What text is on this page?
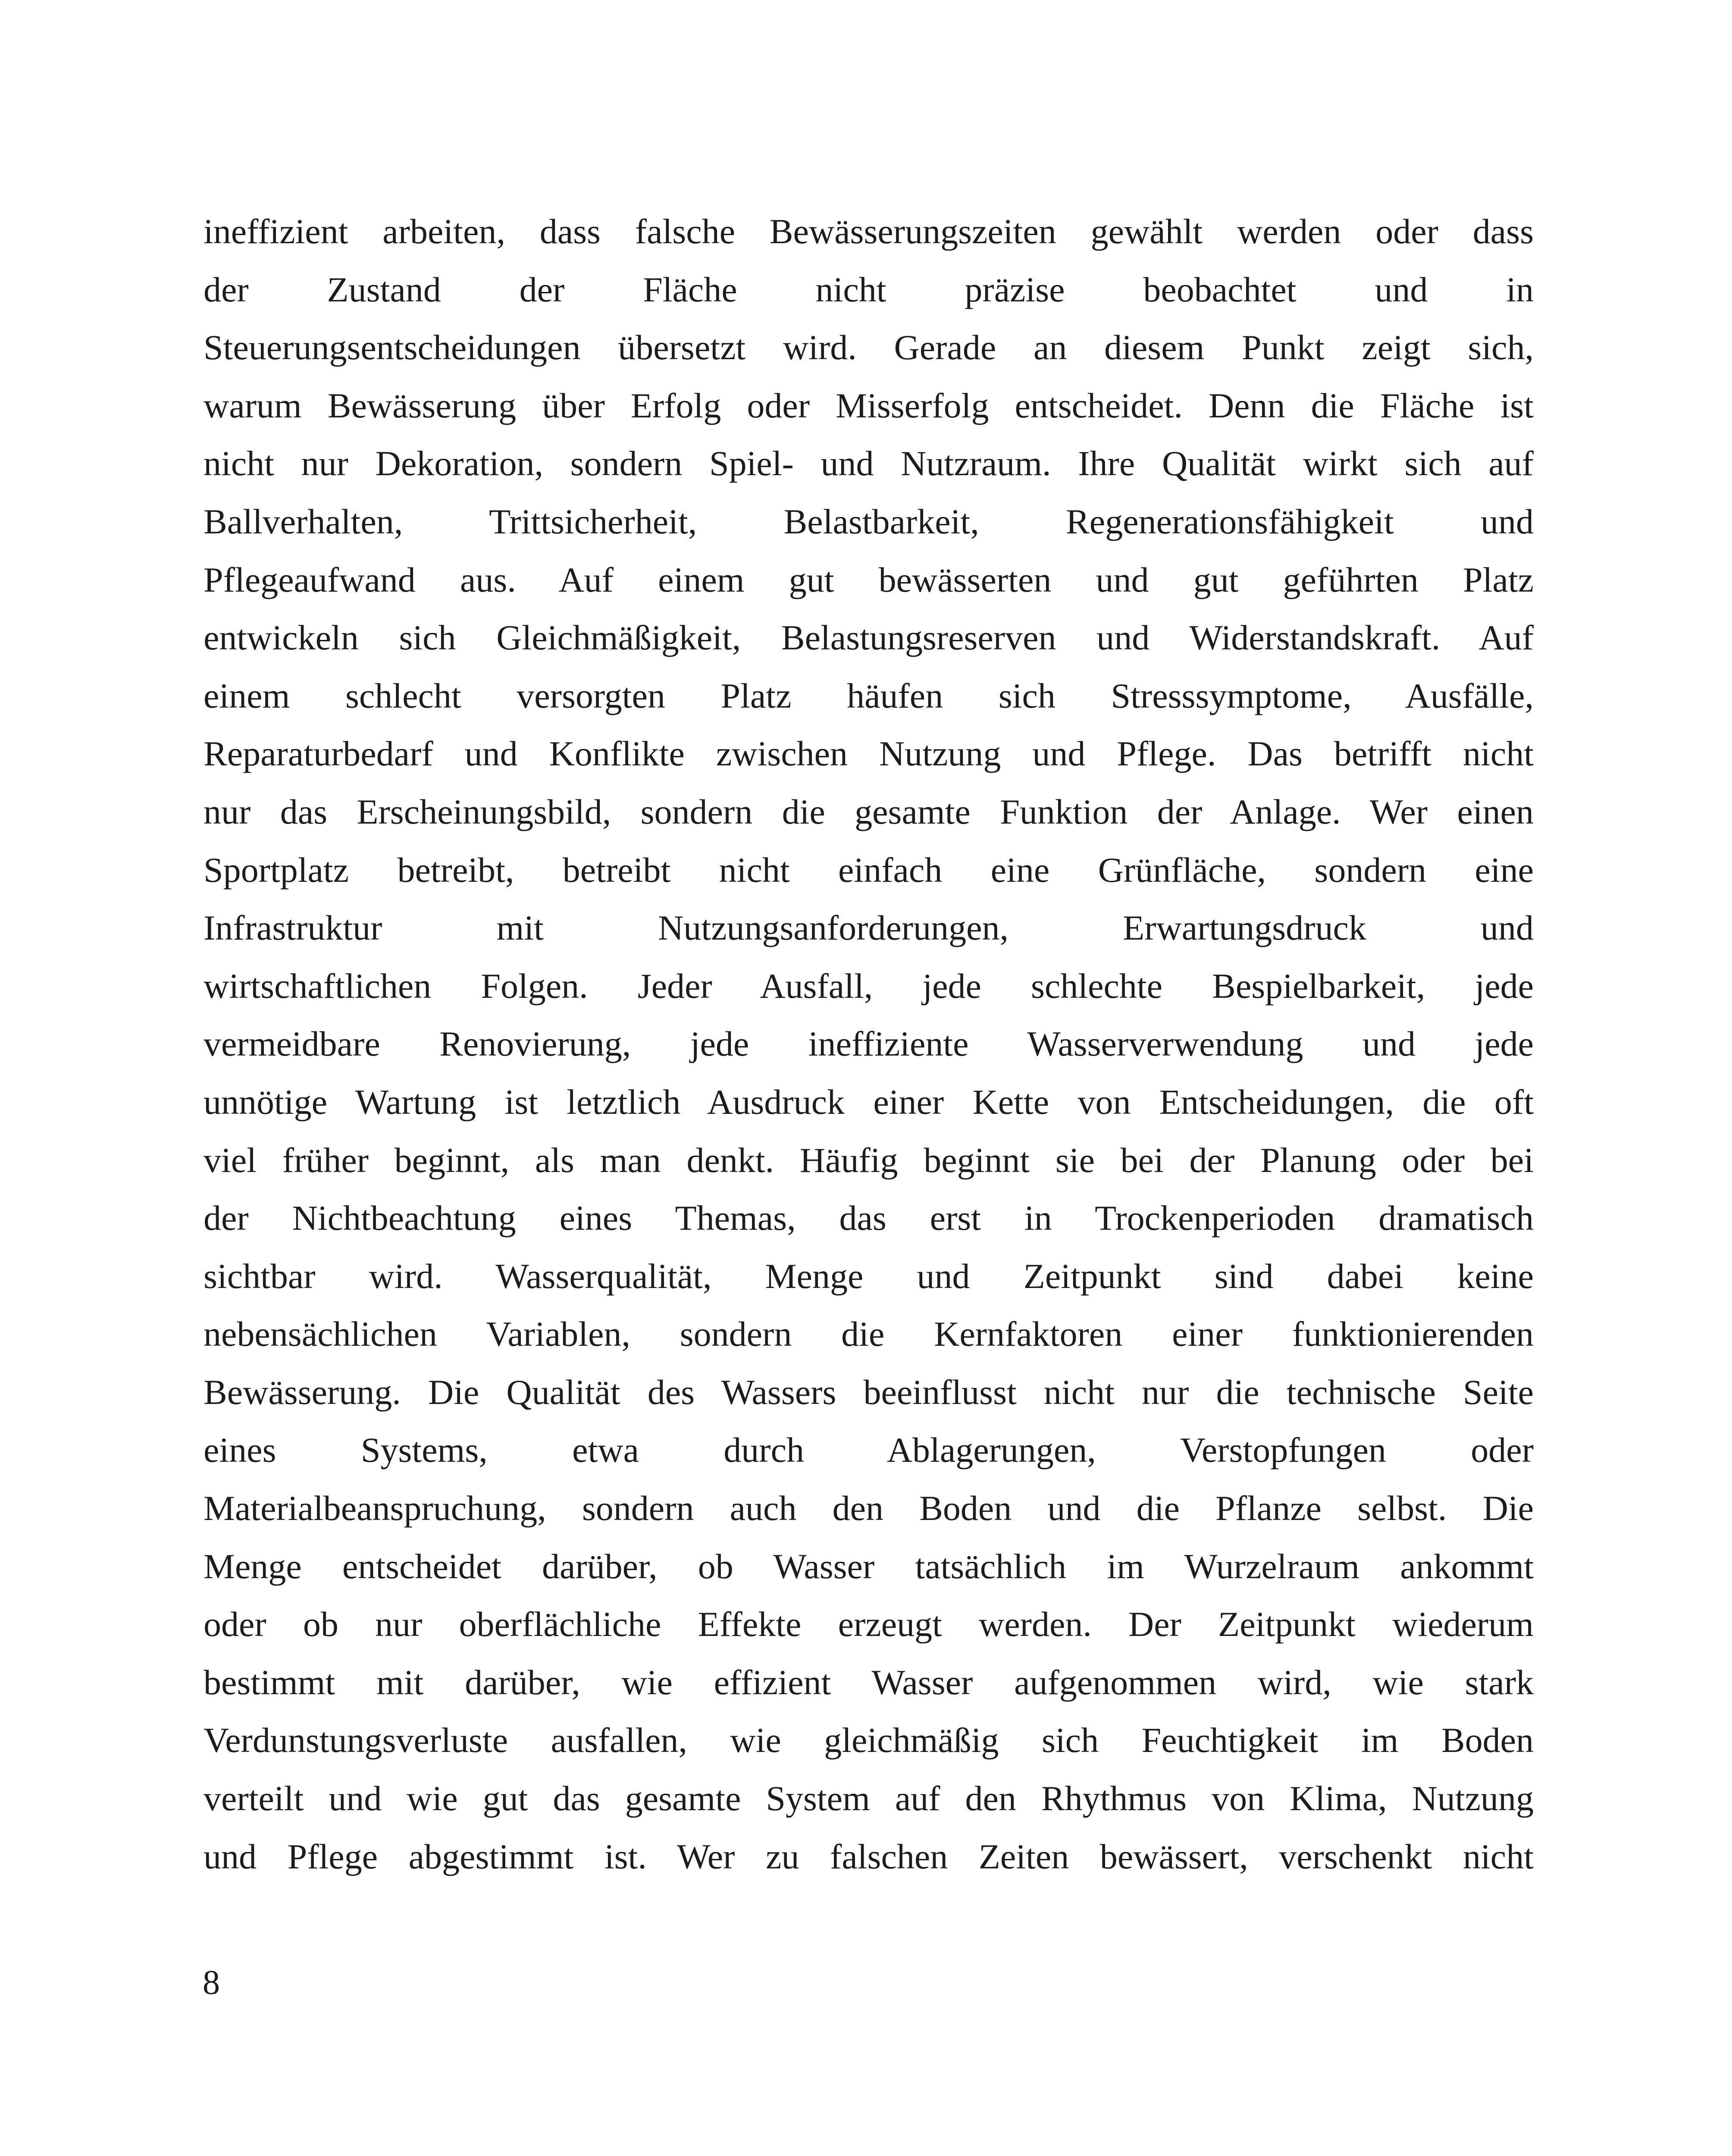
ineffizient arbeiten, dass falsche Bewässerungszeiten gewählt werden oder dass
der Zustand der Fläche nicht präzise beobachtet und in
Steuerungsentscheidungen übersetzt wird. Gerade an diesem Punkt zeigt sich,
warum Bewässerung über Erfolg oder Misserfolg entscheidet. Denn die Fläche ist
nicht nur Dekoration, sondern Spiel- und Nutzraum. Ihre Qualität wirkt sich auf
Ballverhalten, Trittsicherheit, Belastbarkeit, Regenerationsfähigkeit und
Pflegeaufwand aus. Auf einem gut bewässerten und gut geführten Platz
entwickeln sich Gleichmäßigkeit, Belastungsreserven und Widerstandskraft. Auf
einem schlecht versorgten Platz häufen sich Stresssymptome, Ausfälle,
Reparaturbedarf und Konflikte zwischen Nutzung und Pflege. Das betrifft nicht
nur das Erscheinungsbild, sondern die gesamte Funktion der Anlage. Wer einen
Sportplatz betreibt, betreibt nicht einfach eine Grünfläche, sondern eine
Infrastruktur mit Nutzungsanforderungen, Erwartungsdruck und
wirtschaftlichen Folgen. Jeder Ausfall, jede schlechte Bespielbarkeit, jede
vermeidbare Renovierung, jede ineffiziente Wasserverwendung und jede
unnötige Wartung ist letztlich Ausdruck einer Kette von Entscheidungen, die oft
viel früher beginnt, als man denkt. Häufig beginnt sie bei der Planung oder bei
der Nichtbeachtung eines Themas, das erst in Trockenperioden dramatisch
sichtbar wird. Wasserqualität, Menge und Zeitpunkt sind dabei keine
nebensächlichen Variablen, sondern die Kernfaktoren einer funktionierenden
Bewässerung. Die Qualität des Wassers beeinflusst nicht nur die technische Seite
eines Systems, etwa durch Ablagerungen, Verstopfungen oder
Materialbeanspruchung, sondern auch den Boden und die Pflanze selbst. Die
Menge entscheidet darüber, ob Wasser tatsächlich im Wurzelraum ankommt
oder ob nur oberflächliche Effekte erzeugt werden. Der Zeitpunkt wiederum
bestimmt mit darüber, wie effizient Wasser aufgenommen wird, wie stark
Verdunstungsverluste ausfallen, wie gleichmäßig sich Feuchtigkeit im Boden
verteilt und wie gut das gesamte System auf den Rhythmus von Klima, Nutzung
und Pflege abgestimmt ist. Wer zu falschen Zeiten bewässert, verschenkt nicht
8
